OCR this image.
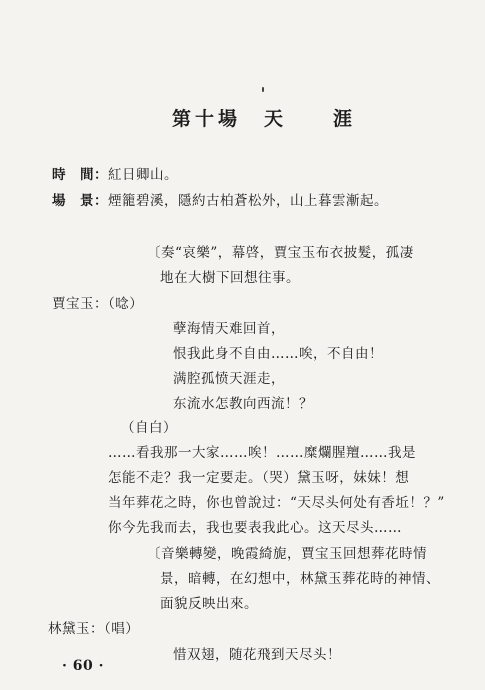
第十場　天　　涯
時　間：紅日卿山。
場　景：煙籠碧溪，隱約古柏蒼松外，山上暮雲漸起。
〔奏“哀樂”，幕啓，賈宝玉布衣披髮，孤凄
地在大樹下回想往事。
賈宝玉：（唸）
孽海情天难回首，
恨我此身不自由……唉，不自由！
满腔孤愤天涯走，
东流水怎教向西流！？
（自白）
……看我那一大家……唉！……糜爛腥羶……我是
怎能不走？我一定要走。（哭）黛玉呀，妹妹！想
当年葬花之時，你也曾說过：“天尽头何处有香坵！？”
你今先我而去，我也要表我此心。这天尽头……
〔音樂轉變，晚霞綺旎，賈宝玉回想葬花時情
景，暗轉，在幻想中，林黛玉葬花時的神情、
面貌反映出來。
林黛玉：（唱）
惜双翅，随花飛到天尽头！
· 60 ·
